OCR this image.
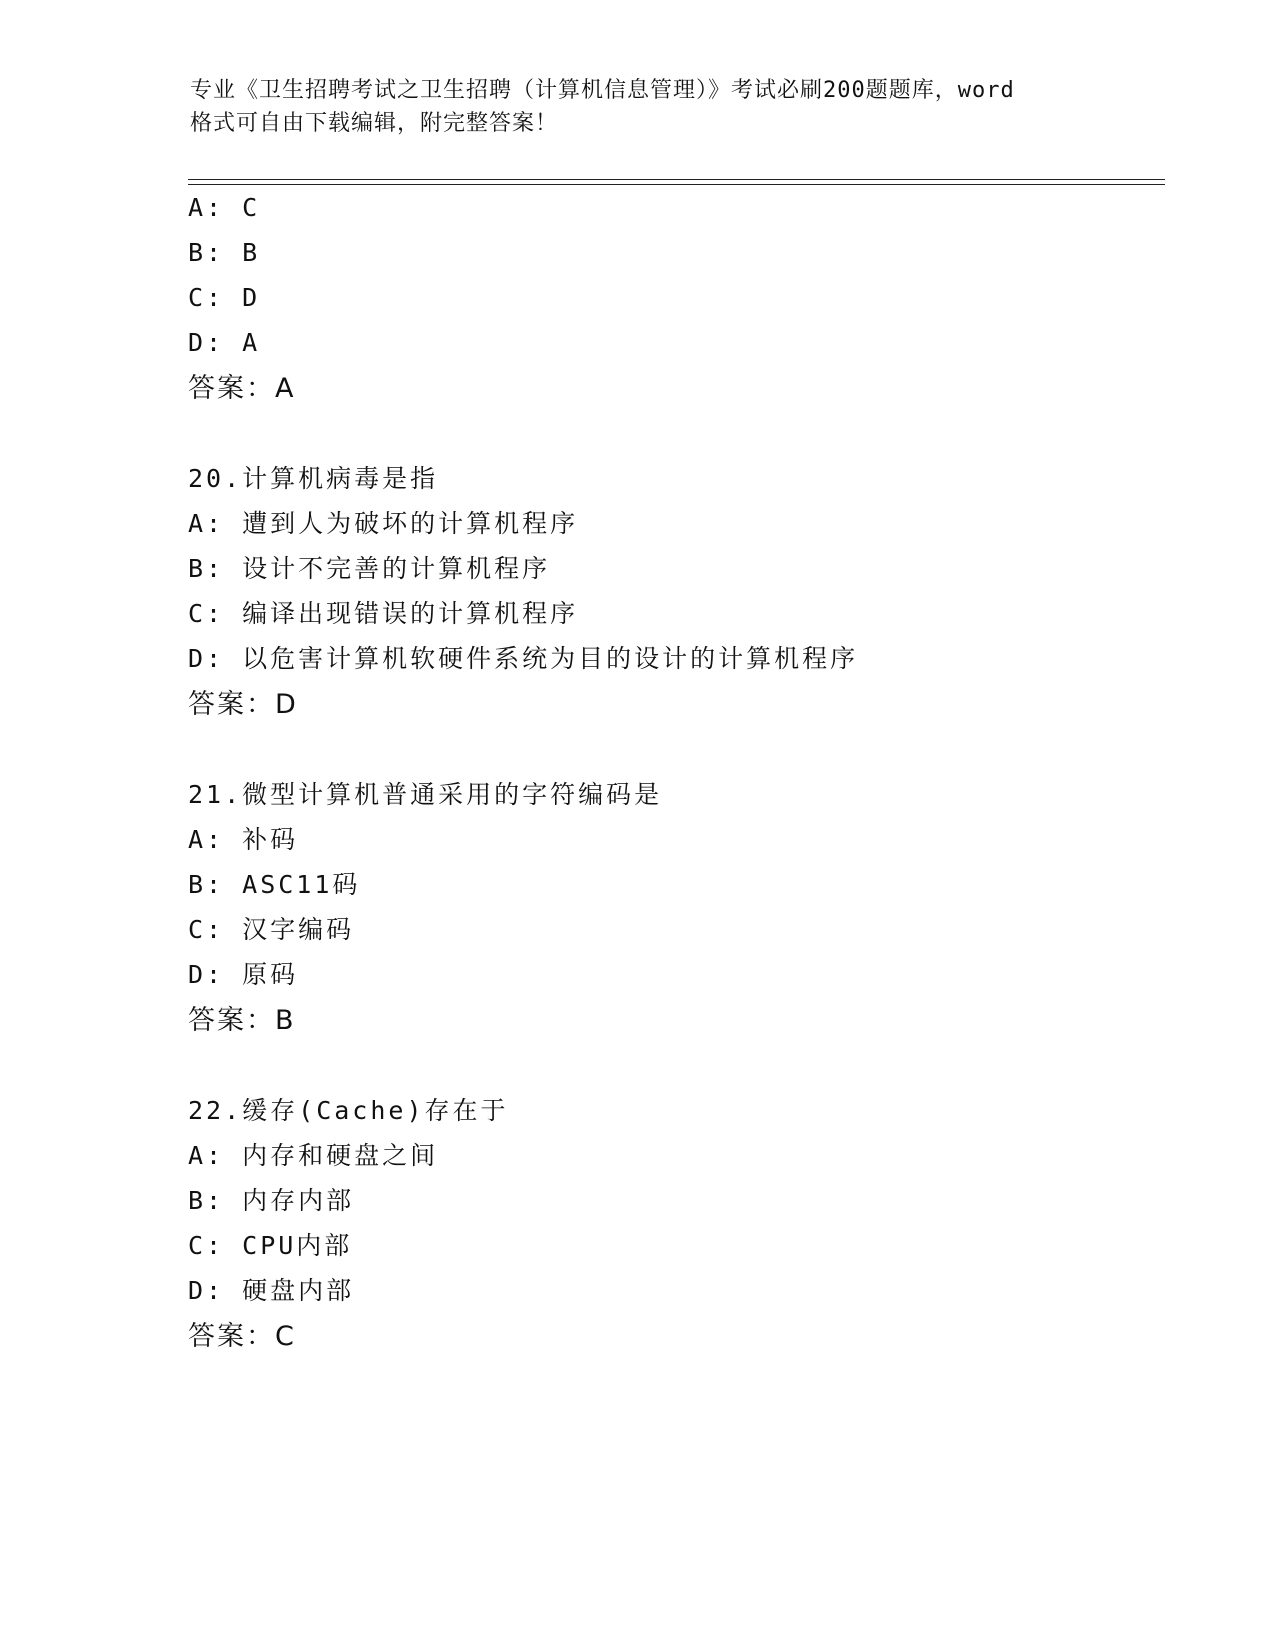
专业《卫生招聘考试之卫生招聘（计算机信息管理）》考试必刷200题题库，word
格式可自由下载编辑，附完整答案！
A: C
B: B
C: D
D: A
答案：A
20.计算机病毒是指
A: 遭到人为破坏的计算机程序
B: 设计不完善的计算机程序
C: 编译出现错误的计算机程序
D: 以危害计算机软硬件系统为目的设计的计算机程序
答案：D
21.微型计算机普通采用的字符编码是
A: 补码
B: ASC11码
C: 汉字编码
D: 原码
答案：B
22.缓存(Cache)存在于
A: 内存和硬盘之间
B: 内存内部
C: CPU内部
D: 硬盘内部
答案：C
